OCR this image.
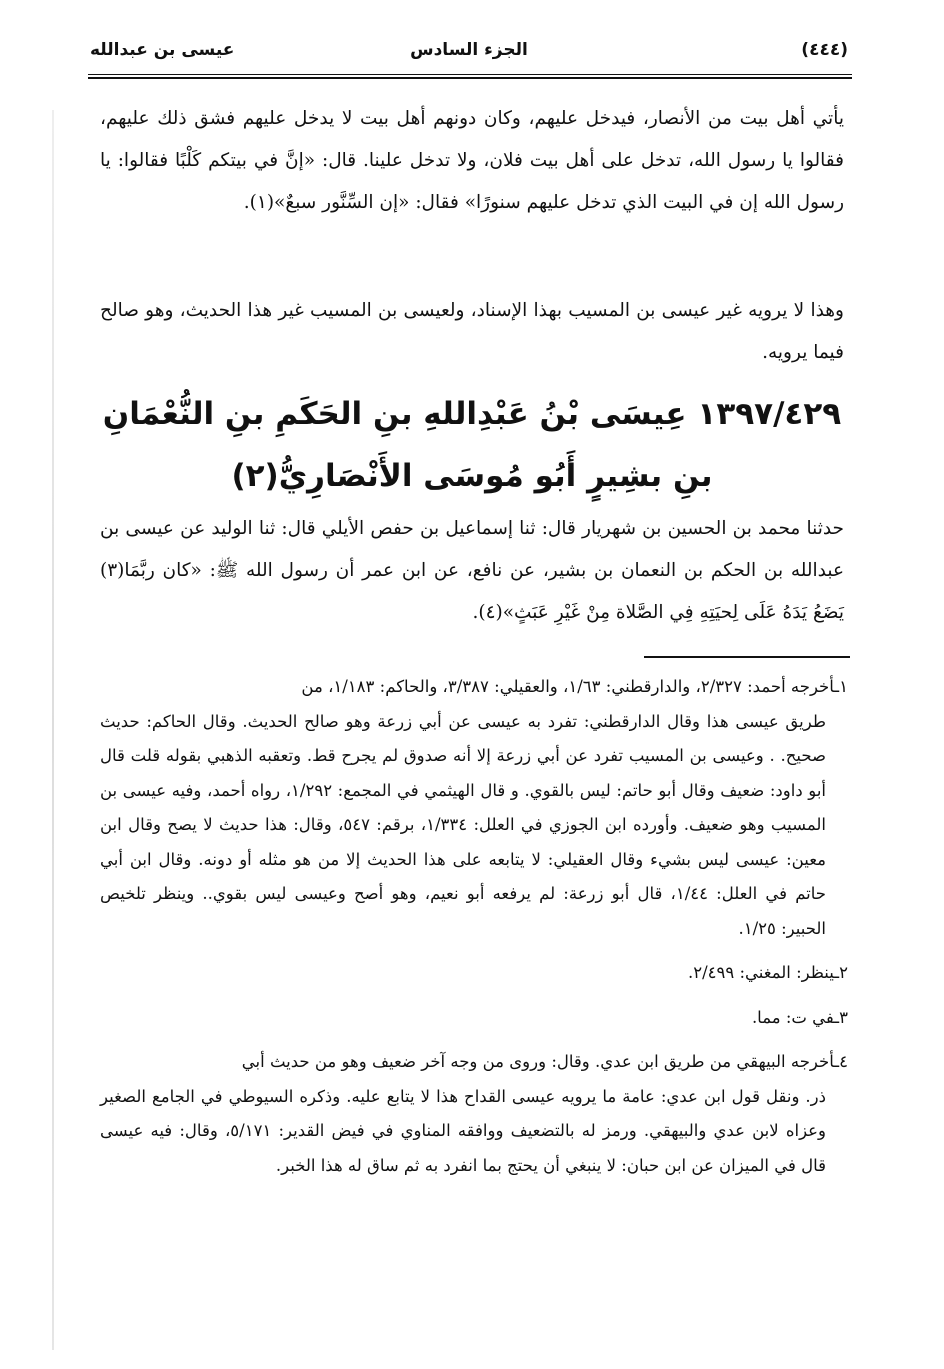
(٤٤٤)
الجزء السادس
عيسى بن عبدالله
يأتي أهل بيت من الأنصار، فيدخل عليهم، وكان دونهم أهل بيت لا يدخل عليهم فشق ذلك عليهم، فقالوا يا رسول الله، تدخل على أهل بيت فلان، ولا تدخل علينا. قال: «إنَّ في بيتكم كَلْبًا فقالوا: يا رسول الله إن في البيت الذي تدخل عليهم سنورًا» فقال: «إن السِّنَّور سبعٌ»(١).
وهذا لا يرويه غير عيسى بن المسيب بهذا الإسناد، ولعيسى بن المسيب غير هذا الحديث، وهو صالح فيما يرويه.
١٣٩٧/٤٢٩ عِيسَى بْنُ عَبْدِاللهِ بنِ الحَكَمِ بنِ النُّعْمَانِ
بنِ بشِيرٍ أَبُو مُوسَى الأَنْصَارِيُّ(٢)
حدثنا محمد بن الحسين بن شهريار قال: ثنا إسماعيل بن حفص الأيلي قال: ثنا الوليد عن عيسى بن عبدالله بن الحكم بن النعمان بن بشير، عن نافع، عن ابن عمر أن رسول الله ﷺ: «كان ربَّمَا(٣) يَضَعُ يَدَهُ عَلَى لِحيَتِهِ فِي الصَّلاة مِنْ غَيْرِ عَبَثٍ»(٤).
١ـأخرجه أحمد: ٢/٣٢٧، والدارقطني: ١/٦٣، والعقيلي: ٣/٣٨٧، والحاكم: ١/١٨٣، من
طريق عيسى هذا وقال الدارقطني: تفرد به عيسى عن أبي زرعة وهو صالح الحديث. وقال الحاكم: حديث صحيح. . وعيسى بن المسيب تفرد عن أبي زرعة إلا أنه صدوق لم يجرح قط. وتعقبه الذهبي بقوله قلت قال أبو داود: ضعيف وقال أبو حاتم: ليس بالقوي. و قال الهيثمي في المجمع: ١/٢٩٢، رواه أحمد، وفيه عيسى بن المسيب وهو ضعيف. وأورده ابن الجوزي في العلل: ١/٣٣٤، برقم: ٥٤٧، وقال: هذا حديث لا يصح وقال ابن معين: عيسى ليس بشيء وقال العقيلي: لا يتابعه على هذا الحديث إلا من هو مثله أو دونه. وقال ابن أبي حاتم في العلل: ١/٤٤، قال أبو زرعة: لم يرفعه أبو نعيم، وهو أصح وعيسى ليس بقوي.. وينظر تلخيص الحبير: ١/٢٥.
٢ـينظر: المغني: ٢/٤٩٩.
٣ـفي ت: مما.
٤ـأخرجه البيهقي من طريق ابن عدي. وقال: وروى من وجه آخر ضعيف وهو من حديث أبي
ذر. ونقل قول ابن عدي: عامة ما يرويه عيسى القداح هذا لا يتابع عليه. وذكره السيوطي في الجامع الصغير وعزاه لابن عدي والبيهقي. ورمز له بالتضعيف ووافقه المناوي في فيض القدير: ٥/١٧١، وقال: فيه عيسى قال في الميزان عن ابن حبان: لا ينبغي أن يحتج بما انفرد به ثم ساق له هذا الخبر.
